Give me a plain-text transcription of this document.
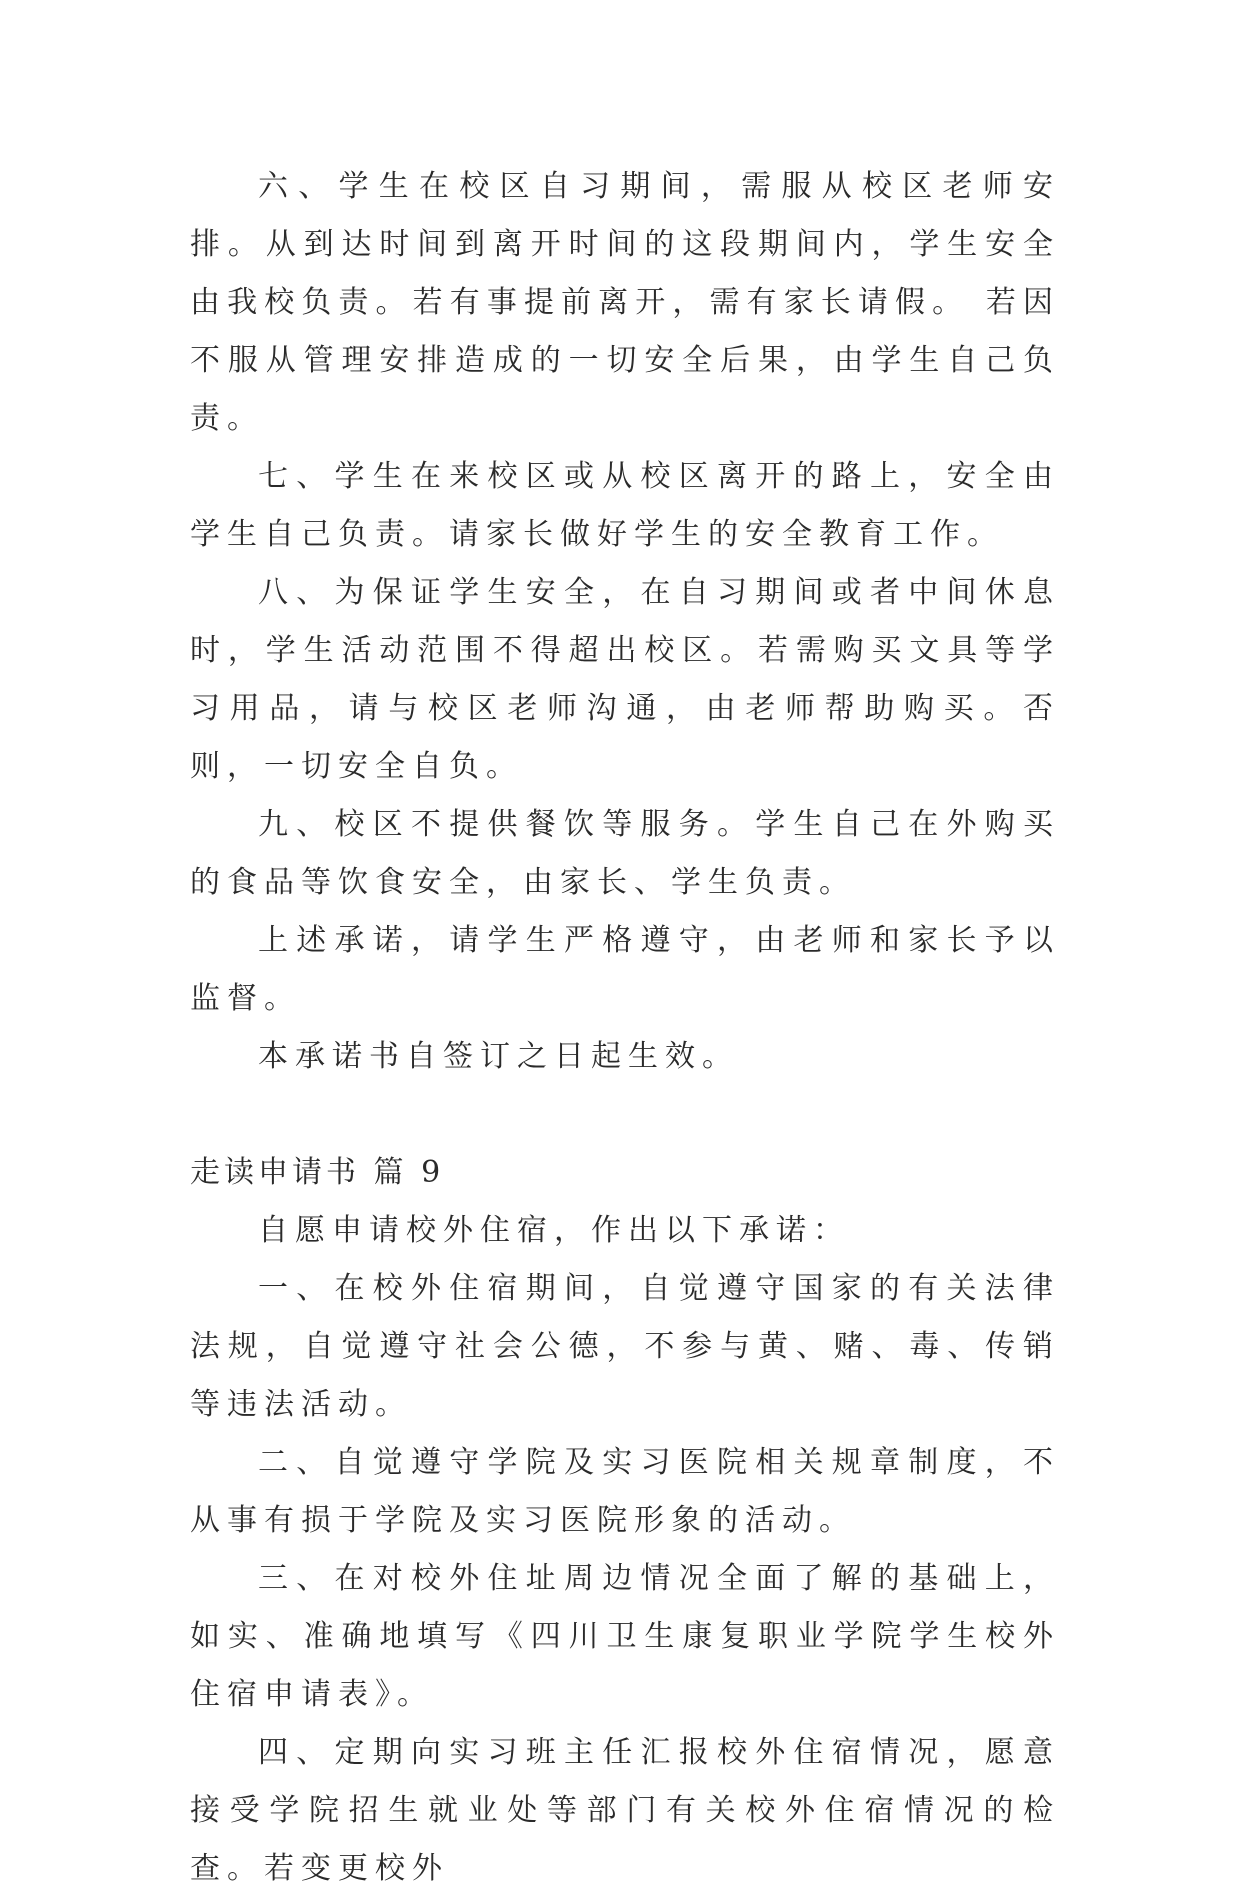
六、学生在校区自习期间，需服从校区老师安排。从到达时间到离开时间的这段期间内，学生安全由我校负责。若有事提前离开，需有家长请假。 若因不服从管理安排造成的一切安全后果，由学生自己负责。

七、学生在来校区或从校区离开的路上，安全由学生自己负责。请家长做好学生的安全教育工作。

八、为保证学生安全，在自习期间或者中间休息时，学生活动范围不得超出校区。若需购买文具等学习用品，请与校区老师沟通，由老师帮助购买。否则，一切安全自负。

九、校区不提供餐饮等服务。学生自己在外购买的食品等饮食安全，由家长、学生负责。

上述承诺，请学生严格遵守，由老师和家长予以监督。

本承诺书自签订之日起生效。

走读申请书 篇 9

自愿申请校外住宿，作出以下承诺：

一、在校外住宿期间，自觉遵守国家的有关法律法规，自觉遵守社会公德，不参与黄、赌、毒、传销等违法活动。

二、自觉遵守学院及实习医院相关规章制度，不从事有损于学院及实习医院形象的活动。

三、在对校外住址周边情况全面了解的基础上，如实、准确地填写《四川卫生康复职业学院学生校外住宿申请表》。

四、定期向实习班主任汇报校外住宿情况，愿意接受学院招生就业处等部门有关校外住宿情况的检查。若变更校外
